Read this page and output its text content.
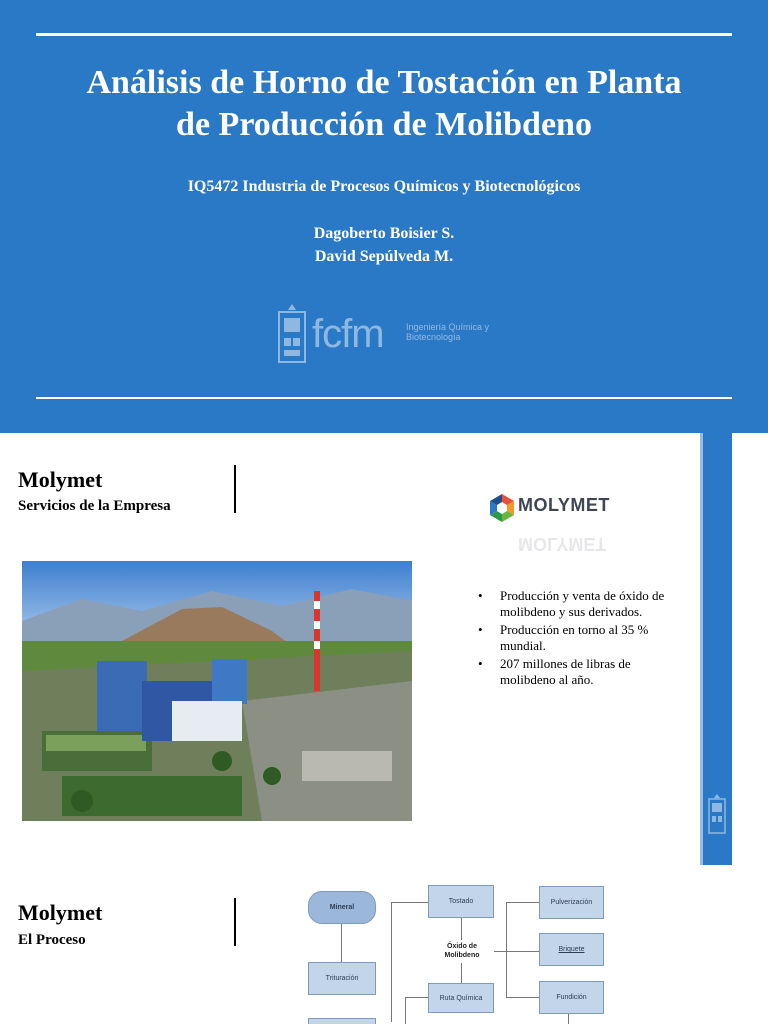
Análisis de Horno de Tostación en Planta
de Producción de Molibdeno
IQ5472 Industria de Procesos Químicos y Biotecnológicos
Dagoberto Boisier S.
David Sepúlveda M.
fcfm Ingeniería Química y Biotecnología
Molymet
Servicios de la Empresa	MOLYMET
MOLYMET
• Producción y venta de óxido de molibdeno y sus derivados.
• Producción en torno al 35 % mundial.
• 207 millones de libras de molibdeno al año.
Molymet
El Proceso
Mineral
Trituración
Tostado
Óxido de Molibdeno
Ruta Química
Pulverización
Briquete
Fundición
